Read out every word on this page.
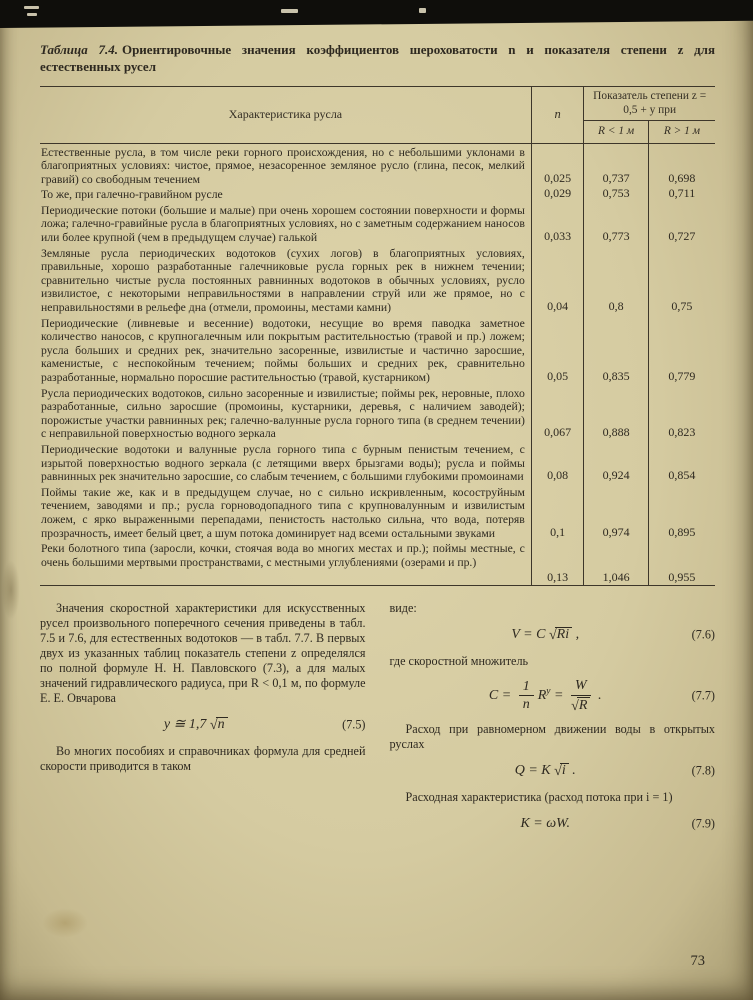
Таблица 7.4. Ориентировочные значения коэффициентов шероховатости n и показателя степени z для естественных русел

Характеристика русла	n	Показатель степени z = 0,5 + y при	
		R < 1 м	R > 1 м
Естественные русла, в том числе реки горного происхождения, но с небольшими уклонами в благоприятных условиях: чистое, прямое, незасоренное земляное русло (глина, песок, мелкий гравий) со свободным течением	0,025	0,737	0,698
То же, при галечно-гравийном русле	0,029	0,753	0,711
Периодические потоки (большие и малые) при очень хорошем состоянии поверхности и формы ложа; галечно-гравийные русла в благоприятных условиях, но с заметным содержанием наносов или более крупной (чем в предыдущем случае) галькой	0,033	0,773	0,727
Земляные русла периодических водотоков (сухих логов) в благоприятных условиях, правильные, хорошо разработанные галечниковые русла горных рек в нижнем течении; сравнительно чистые русла постоянных равнинных водотоков в обычных условиях, русло извилистое, с некоторыми неправильностями в направлении струй или же прямое, но с неправильностями в рельефе дна (отмели, промоины, местами камни)	0,04	0,8	0,75
Периодические (ливневые и весенние) водотоки, несущие во время паводка заметное количество наносов, с крупногалечным или покрытым растительностью (травой и пр.) ложем; русла больших и средних рек, значительно засоренные, извилистые и частично заросшие, каменистые, с неспокойным течением; поймы больших и средних рек, сравнительно разработанные, нормально поросшие растительностью (травой, кустарником)	0,05	0,835	0,779
Русла периодических водотоков, сильно засоренные и извилистые; поймы рек, неровные, плохо разработанные, сильно заросшие (промоины, кустарники, деревья, с наличием заводей); порожистые участки равнинных рек; галечно-валунные русла горного типа (в среднем течении) с неправильной поверхностью водного зеркала	0,067	0,888	0,823
Периодические водотоки и валунные русла горного типа с бурным пенистым течением, с изрытой поверхностью водного зеркала (с летящими вверх брызгами воды); русла и поймы равнинных рек значительно заросшие, со слабым течением, с большими глубокими промоинами	0,08	0,924	0,854
Поймы такие же, как и в предыдущем случае, но с сильно искривленным, косоструйным течением, заводями и пр.; русла горноводопадного типа с крупновалунным и извилистым ложем, с ярко выраженными перепадами, пенистость настолько сильна, что вода, потеряв прозрачность, имеет белый цвет, а шум потока доминирует над всеми остальными звуками	0,1	0,974	0,895
Реки болотного типа (заросли, кочки, стоячая вода во многих местах и пр.); поймы местные, с очень большими мертвыми пространствами, с местными углублениями (озерами и пр.)	0,13	1,046	0,955

Значения скоростной характеристики для искусственных русел произвольного поперечного сечения приведены в табл. 7.5 и 7.6, для естественных водотоков — в табл. 7.7. В первых двух из указанных таблиц показатель степени z определялся по полной формуле Н. Н. Павловского (7.3), а для малых значений гидравлического радиуса, при R < 0,1 м, по формуле Е. Е. Овчарова

y ≅ 1,7 √n	(7.5)

Во многих пособиях и справочниках формула для средней скорости приводится в таком

виде:

V = C √Ri ,	(7.6)

где скоростной множитель

$C = \frac{1}{n} R^y = \frac{W}{√R}$ .	(7.7)

Расход при равномерном движении воды в открытых руслах

Q = K √i .	(7.8)

Расходная характеристика (расход потока при i = 1)

K = ωW.	(7.9)
73
